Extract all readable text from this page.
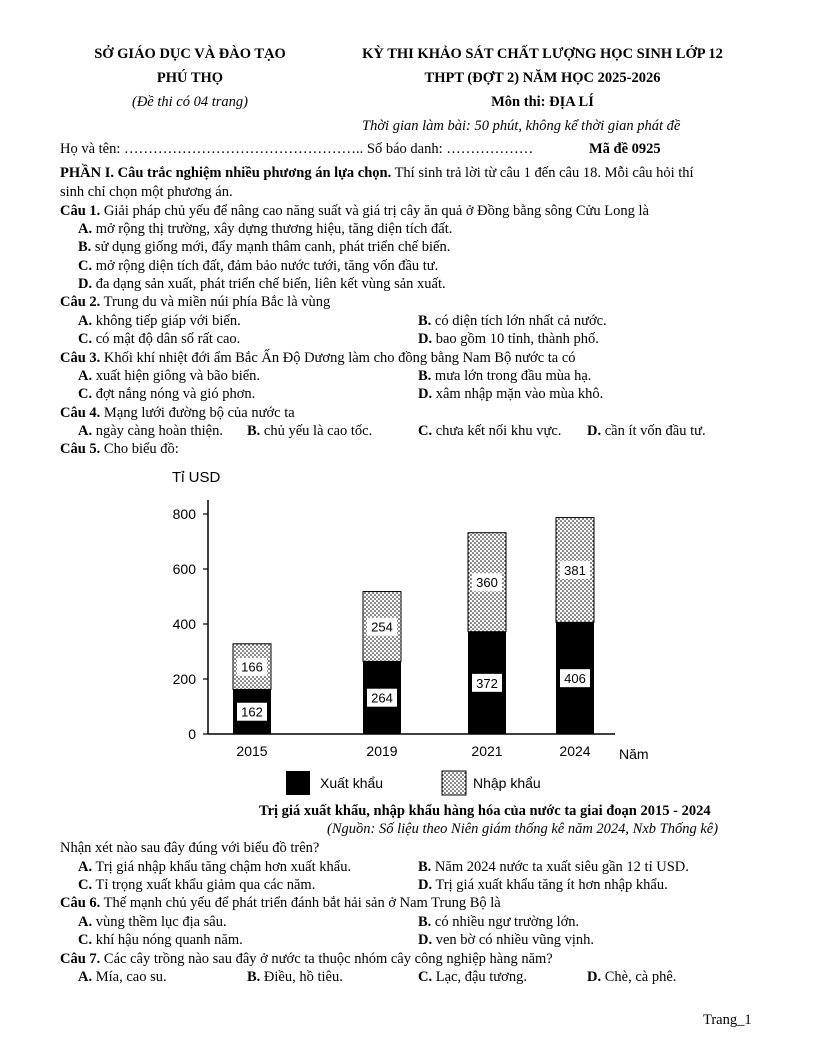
SỞ GIÁO DỤC VÀ ĐÀO TẠO
PHÚ THỌ
(Đề thi có 04 trang)
KỲ THI KHẢO SÁT CHẤT LƯỢNG HỌC SINH LỚP 12
THPT (ĐỢT 2) NĂM HỌC 2025-2026
Môn thi: ĐỊA LÍ
Thời gian làm bài: 50 phút, không kể thời gian phát đề
Họ và tên: ………………………………………….. Số báo danh: ………………	Mã đề 0925
PHẦN I. Câu trắc nghiệm nhiều phương án lựa chọn. Thí sinh trả lời từ câu 1 đến câu 18. Mỗi câu hỏi thí
sinh chỉ chọn một phương án.
Câu 1. Giải pháp chủ yếu để nâng cao năng suất và giá trị cây ăn quả ở Đồng bằng sông Cửu Long là
A. mở rộng thị trường, xây dựng thương hiệu, tăng diện tích đất.
B. sử dụng giống mới, đẩy mạnh thâm canh, phát triển chế biến.
C. mở rộng diện tích đất, đảm bảo nước tưới, tăng vốn đầu tư.
D. đa dạng sản xuất, phát triển chế biến, liên kết vùng sản xuất.
Câu 2. Trung du và miền núi phía Bắc là vùng
A. không tiếp giáp với biển.	B. có diện tích lớn nhất cả nước.
C. có mật độ dân số rất cao.	D. bao gồm 10 tỉnh, thành phố.
Câu 3. Khối khí nhiệt đới ẩm Bắc Ấn Độ Dương làm cho đồng bằng Nam Bộ nước ta có
A. xuất hiện giông và bão biển.	B. mưa lớn trong đầu mùa hạ.
C. đợt nắng nóng và gió phơn.	D. xâm nhập mặn vào mùa khô.
Câu 4. Mạng lưới đường bộ của nước ta
A. ngày càng hoàn thiện. B. chủ yếu là cao tốc.	C. chưa kết nối khu vực. D. cần ít vốn đầu tư.
Câu 5. Cho biểu đồ:
Tỉ USD
0
200
400
600
800
Năm
162
166
2015
264
254
2019
372
360
2021
406
381
2024
Xuất khẩu	Nhập khẩu
Trị giá xuất khẩu, nhập khẩu hàng hóa của nước ta giai đoạn 2015 - 2024
(Nguồn: Số liệu theo Niên giám thống kê năm 2024, Nxb Thống kê)
Nhận xét nào sau đây đúng với biểu đồ trên?
A. Trị giá nhập khẩu tăng chậm hơn xuất khẩu.	B. Năm 2024 nước ta xuất siêu gần 12 tỉ USD.
C. Tỉ trọng xuất khẩu giảm qua các năm.	D. Trị giá xuất khẩu tăng ít hơn nhập khẩu.
Câu 6. Thế mạnh chủ yếu để phát triển đánh bắt hải sản ở Nam Trung Bộ là
A. vùng thềm lục địa sâu.	B. có nhiều ngư trường lớn.
C. khí hậu nóng quanh năm.	D. ven bờ có nhiều vũng vịnh.
Câu 7. Các cây trồng nào sau đây ở nước ta thuộc nhóm cây công nghiệp hàng năm?
A. Mía, cao su.	B. Điều, hồ tiêu.	C. Lạc, đậu tương.	D. Chè, cà phê.
Trang_1
